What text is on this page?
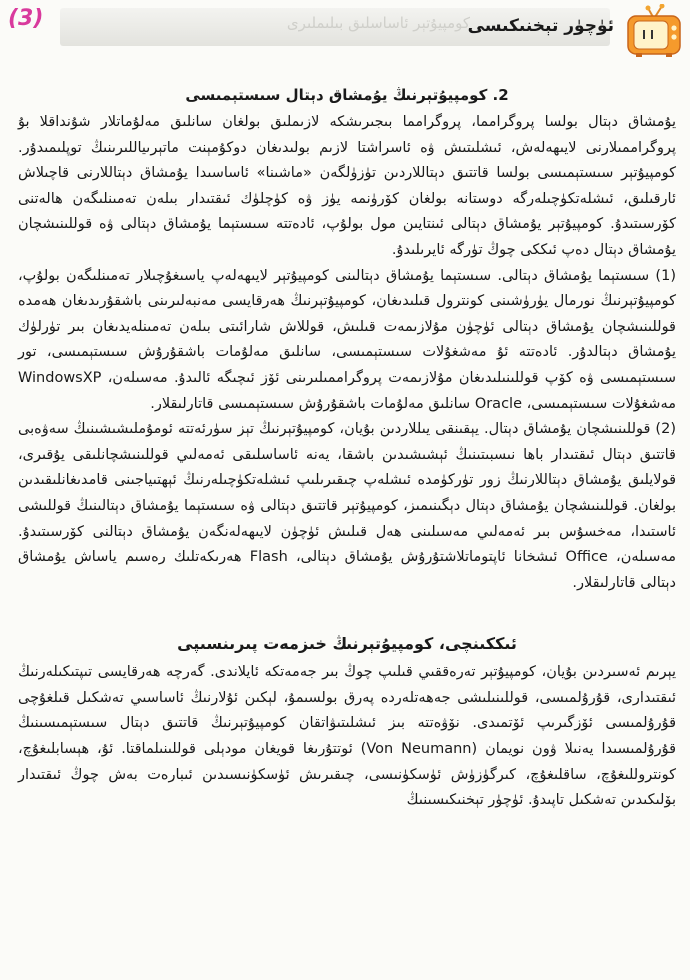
كومپيۇتېر ئاساسلىق بىلىملىرى
(3)	ئۈچۈر تېخنىكىسى
2. كومپيۇتېرنىڭ يۇمشاق دېتال سىستېمىسى

يۇمشاق دېتال بولسا پروگرامما، پروگرامما بىجىرىشكە لازىملىق بولغان سانلىق مەلۇماتلار شۇنداقلا بۇ پروگراممىلارنى لايىھەلەش، ئىشلىتىش ۋە ئاسراشتا لازىم بولىدىغان دوكۇمېنت ماتېرىياللىرىنىڭ توپلىمىدۇر. كومپيۇتېر سىستېمىسى بولسا قاتتىق دېتاللاردىن تۈزۈلگەن «ماشىنا» ئاساسىدا يۇمشاق دېتاللارنى قاچىلاش ئارقىلىق، ئىشلەتكۈچىلەرگە دوستانە بولغان كۆرۈنمە يۈز ۋە كۈچلۈك ئىقتىدار بىلەن تەمىنلىگەن ھالەتنى كۆرسىتىدۇ. كومپيۇتېر يۇمشاق دېتالى ئىنتايىن مول بولۇپ، ئادەتتە سىستېما يۇمشاق دېتالى ۋە قوللىنىشچان يۇمشاق دېتال دەپ ئىككى چوڭ تۈرگە ئايرىلىدۇ.

(1) سىستېما يۇمشاق دېتالى. سىستېما يۇمشاق دېتالىنى كومپيۇتېر لايىھەلەپ ياسىغۇچىلار تەمىنلىگەن بولۇپ، كومپيۇتېرنىڭ نورمال يۈرۈشىنى كونترول قىلىدىغان، كومپيۇتېرنىڭ ھەرقايسى مەنبەلىرىنى باشقۇرىدىغان ھەمدە قوللىنىشچان يۇمشاق دېتالى ئۈچۈن مۇلازىمەت قىلىش، قوللاش شارائىتى بىلەن تەمىنلەيدىغان بىر تۈرلۈك يۇمشاق دېتالدۇر. ئادەتتە ئۇ مەشغۇلات سىستېمىسى، سانلىق مەلۇمات باشقۇرۇش سىستېمىسى، تور سىستېمىسى ۋە كۆپ قوللىنىلىدىغان مۇلازىمەت پروگراممىلىرىنى ئۆز ئىچىگە ئالىدۇ. مەسىلەن، WindowsXP مەشغۇلات سىستېمىسى، Oracle سانلىق مەلۇمات باشقۇرۇش سىستېمىسى قاتارلىقلار.

(2) قوللىنىشچان يۇمشاق دېتال. يېقىنقى يىللاردىن بۇيان، كومپيۇتېرنىڭ تېز سۈرئەتتە ئومۇملىشىشىنىڭ سەۋەبى قاتتىق دېتال ئىقتىدار باھا نىسبىتىنىڭ ئېشىشىدىن باشقا، يەنە ئاساسلىقى ئەمەلىي قوللىنىشچانلىقى يۇقىرى، قولايلىق يۇمشاق دېتاللارنىڭ زور تۈركۈمدە ئىشلەپ چىقىرىلىپ ئىشلەتكۈچىلەرنىڭ ئېھتىياجىنى قامدىغانلىقىدىن بولغان. قوللىنىشچان يۇمشاق دېتال دېگىنىمىز، كومپيۇتېر قاتتىق دېتالى ۋە سىستېما يۇمشاق دېتالىنىڭ قوللىشى ئاستىدا، مەخسۇس بىر ئەمەلىي مەسىلىنى ھەل قىلىش ئۈچۈن لايىھەلەنگەن يۇمشاق دېتالنى كۆرسىتىدۇ. مەسىلەن، Office ئىشخانا ئاپتوماتلاشتۇرۇش يۇمشاق دېتالى، Flash ھەرىكەتلىك رەسىم ياساش يۇمشاق دېتالى قاتارلىقلار.

ئىككىنچى، كومپيۇتېرنىڭ خىزمەت پىرىنسىپى

يېرىم ئەسىردىن بۇيان، كومپيۇتېر تەرەققىي قىلىپ چوڭ بىر جەمەتكە ئايلاندى. گەرچە ھەرقايسى تىپتىكىلەرنىڭ ئىقتىدارى، قۇرۇلمىسى، قوللىنىلىشى جەھەتلەردە پەرق بولسىمۇ، لېكىن ئۇلارنىڭ ئاساسىي تەشكىل قىلغۇچى قۇرۇلمىسى ئۆزگىرىپ ئۆتمىدى. نۆۋەتتە بىز ئىشلىتىۋاتقان كومپيۇتېرنىڭ قاتتىق دېتال سىستېمىسىنىڭ قۇرۇلمىسىدا يەنىلا ۋون نويمان (Von Neumann) ئوتتۇرىغا قويغان مودېلى قوللىنىلماقتا. ئۇ، ھېسابلىغۇچ، كونتروللىغۇچ، ساقلىغۇچ، كىرگۈزۈش ئۈسكۈنىسى، چىقىرىش ئۈسكۈنىسىدىن ئىبارەت بەش چوڭ ئىقتىدار بۆلىكىدىن تەشكىل تاپىدۇ. ئۈچۈر تېخنىكىسىنىڭ
